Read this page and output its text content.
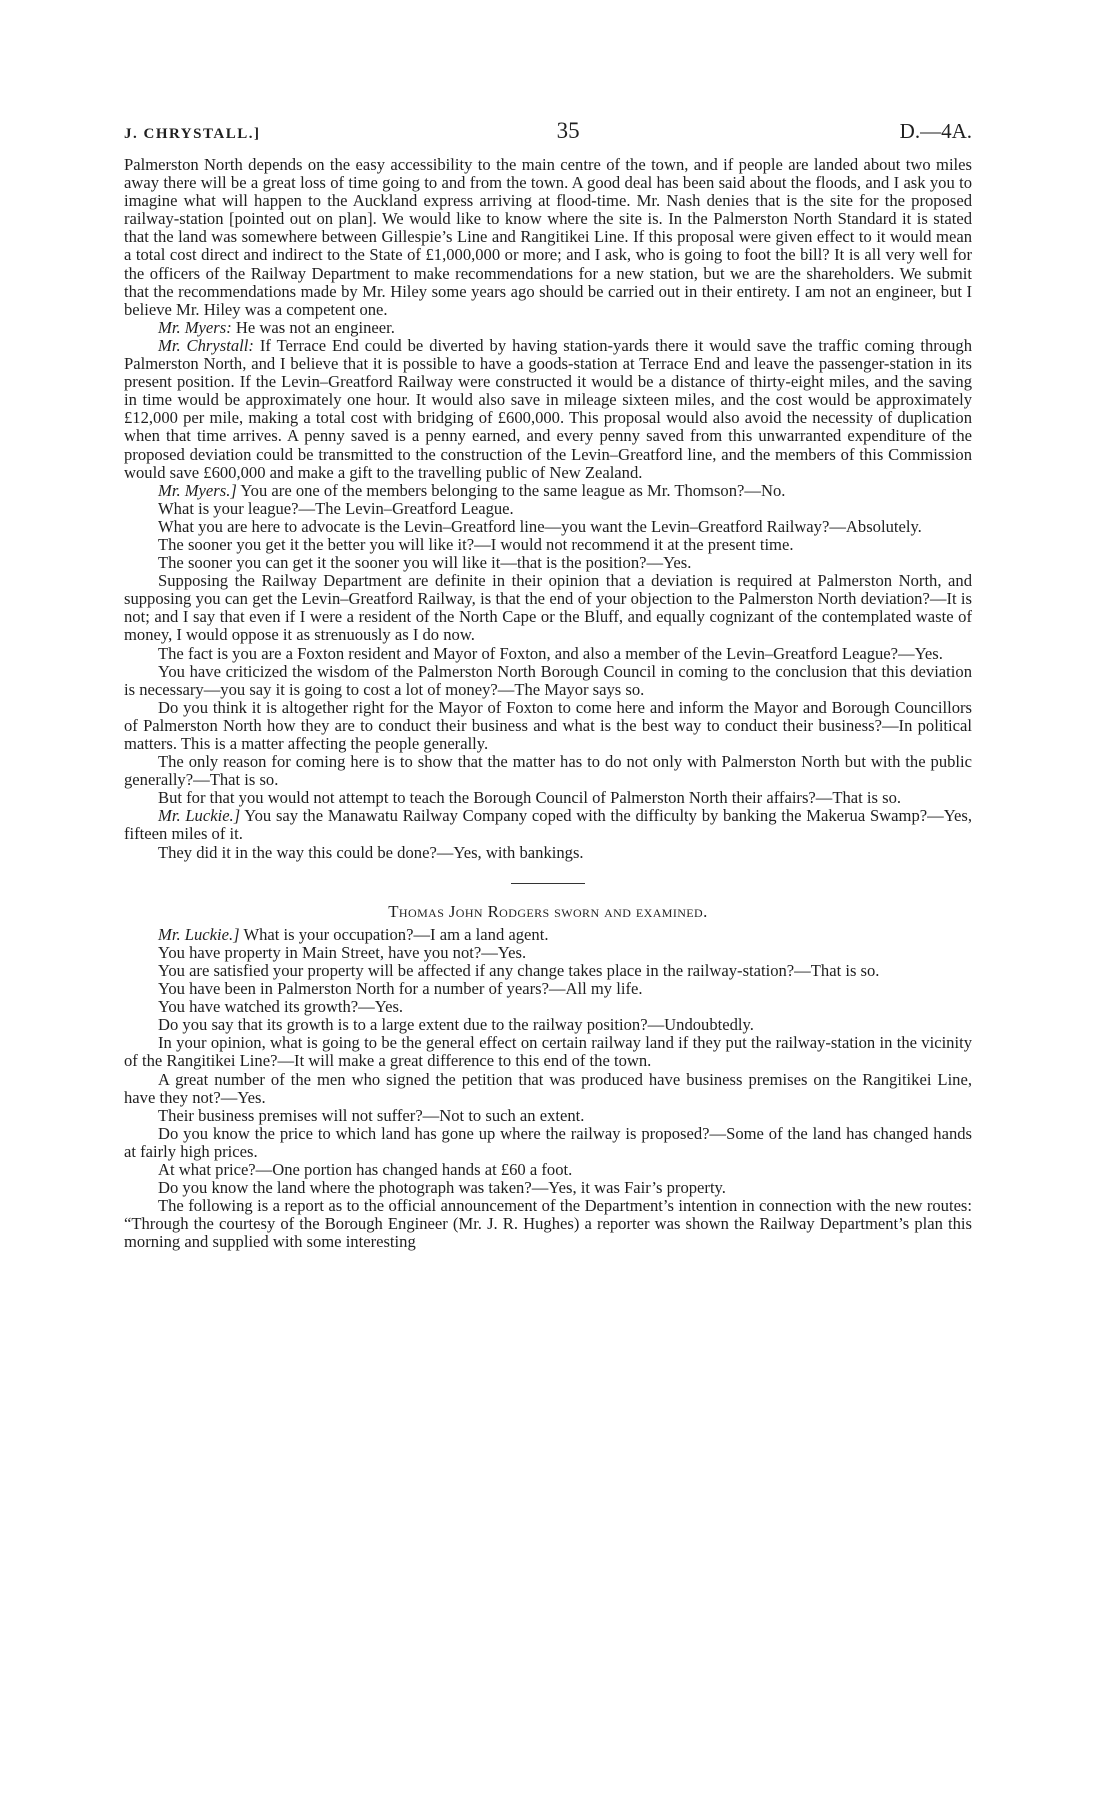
J. CHRYSTALL.]	35	D.—4A.

Palmerston North depends on the easy accessibility to the main centre of the town, and if people are landed about two miles away there will be a great loss of time going to and from the town. A good deal has been said about the floods, and I ask you to imagine what will happen to the Auckland express arriving at flood-time. Mr. Nash denies that is the site for the proposed railway-station [pointed out on plan]. We would like to know where the site is. In the Palmerston North Standard it is stated that the land was somewhere between Gillespie’s Line and Rangitikei Line. If this proposal were given effect to it would mean a total cost direct and indirect to the State of £1,000,000 or more; and I ask, who is going to foot the bill? It is all very well for the officers of the Railway Department to make recommendations for a new station, but we are the shareholders. We submit that the recommendations made by Mr. Hiley some years ago should be carried out in their entirety. I am not an engineer, but I believe Mr. Hiley was a competent one.

Mr. Myers: He was not an engineer.

Mr. Chrystall: If Terrace End could be diverted by having station-yards there it would save the traffic coming through Palmerston North, and I believe that it is possible to have a goods-station at Terrace End and leave the passenger-station in its present position. If the Levin–Greatford Railway were constructed it would be a distance of thirty-eight miles, and the saving in time would be approximately one hour. It would also save in mileage sixteen miles, and the cost would be approximately £12,000 per mile, making a total cost with bridging of £600,000. This proposal would also avoid the necessity of duplication when that time arrives. A penny saved is a penny earned, and every penny saved from this unwarranted expenditure of the proposed deviation could be transmitted to the construction of the Levin–Greatford line, and the members of this Commission would save £600,000 and make a gift to the travelling public of New Zealand.

Mr. Myers.] You are one of the members belonging to the same league as Mr. Thomson?—No.

What is your league?—The Levin–Greatford League.

What you are here to advocate is the Levin–Greatford line—you want the Levin–Greatford Railway?—Absolutely.

The sooner you get it the better you will like it?—I would not recommend it at the present time.

The sooner you can get it the sooner you will like it—that is the position?—Yes.

Supposing the Railway Department are definite in their opinion that a deviation is required at Palmerston North, and supposing you can get the Levin–Greatford Railway, is that the end of your objection to the Palmerston North deviation?—It is not; and I say that even if I were a resident of the North Cape or the Bluff, and equally cognizant of the contemplated waste of money, I would oppose it as strenuously as I do now.

The fact is you are a Foxton resident and Mayor of Foxton, and also a member of the Levin–Greatford League?—Yes.

You have criticized the wisdom of the Palmerston North Borough Council in coming to the conclusion that this deviation is necessary—you say it is going to cost a lot of money?—The Mayor says so.

Do you think it is altogether right for the Mayor of Foxton to come here and inform the Mayor and Borough Councillors of Palmerston North how they are to conduct their business and what is the best way to conduct their business?—In political matters. This is a matter affecting the people generally.

The only reason for coming here is to show that the matter has to do not only with Palmerston North but with the public generally?—That is so.

But for that you would not attempt to teach the Borough Council of Palmerston North their affairs?—That is so.

Mr. Luckie.] You say the Manawatu Railway Company coped with the difficulty by banking the Makerua Swamp?—Yes, fifteen miles of it.

They did it in the way this could be done?—Yes, with bankings.

Thomas John Rodgers sworn and examined.

Mr. Luckie.] What is your occupation?—I am a land agent.

You have property in Main Street, have you not?—Yes.

You are satisfied your property will be affected if any change takes place in the railway-station?—That is so.

You have been in Palmerston North for a number of years?—All my life.

You have watched its growth?—Yes.

Do you say that its growth is to a large extent due to the railway position?—Undoubtedly.

In your opinion, what is going to be the general effect on certain railway land if they put the railway-station in the vicinity of the Rangitikei Line?—It will make a great difference to this end of the town.

A great number of the men who signed the petition that was produced have business premises on the Rangitikei Line, have they not?—Yes.

Their business premises will not suffer?—Not to such an extent.

Do you know the price to which land has gone up where the railway is proposed?—Some of the land has changed hands at fairly high prices.

At what price?—One portion has changed hands at £60 a foot.

Do you know the land where the photograph was taken?—Yes, it was Fair’s property.

The following is a report as to the official announcement of the Department’s intention in connection with the new routes: “Through the courtesy of the Borough Engineer (Mr. J. R. Hughes) a reporter was shown the Railway Department’s plan this morning and supplied with some interesting
